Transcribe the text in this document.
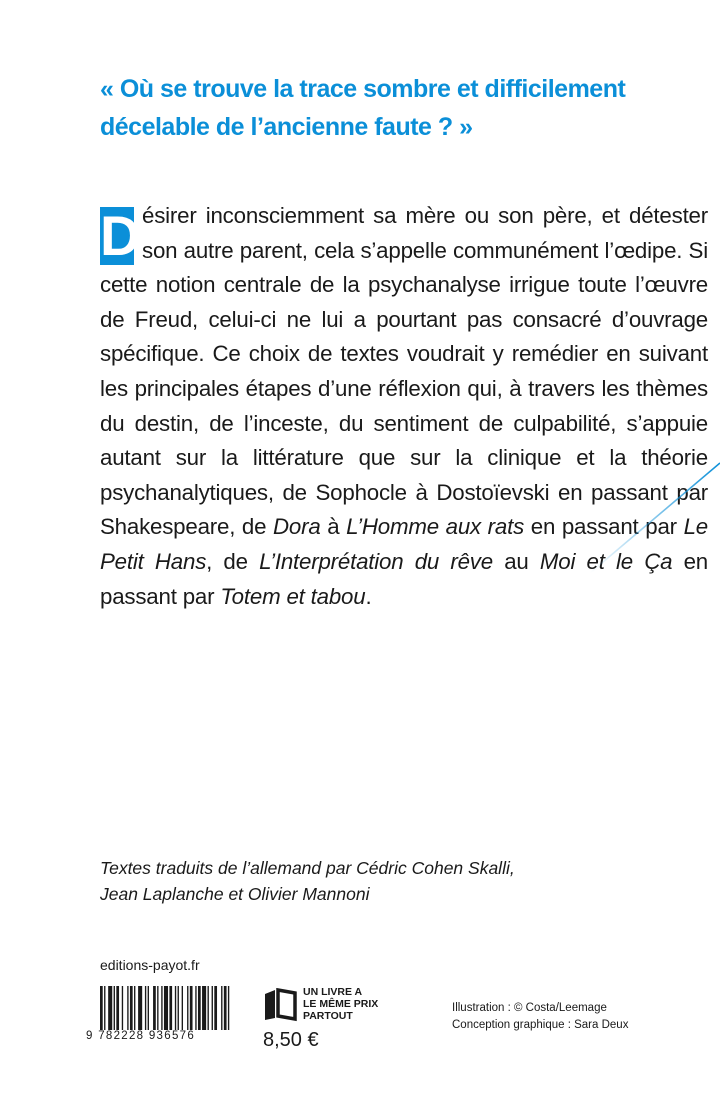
« Où se trouve la trace sombre et difficilement
décelable de l’ancienne faute ? »
D ésirer inconsciemment sa mère ou son père, et détester son autre parent, cela s’appelle communément l’œdipe. Si cette notion centrale de la psychanalyse irrigue toute l’œuvre de Freud, celui-ci ne lui a pourtant pas consacré d’ouvrage spécifique. Ce choix de textes voudrait y remédier en suivant les principales étapes d’une réflexion qui, à travers les thèmes du destin, de l’inceste, du sentiment de culpabilité, s’appuie autant sur la littérature que sur la clinique et la théorie psychanalytiques, de Sophocle à Dostoïevski en passant par Shakespeare, de Dora à L’Homme aux rats en passant par Le Petit Hans, de L’Interprétation du rêve au Moi et le Ça en passant par Totem et tabou.
Textes traduits de l’allemand par Cédric Cohen Skalli,
Jean Laplanche et Olivier Mannoni
editions-payot.fr
9 782228 936576
UN LIVRE A
LE MÊME PRIX
PARTOUT
8,50 €
Illustration : © Costa/Leemage
Conception graphique : Sara Deux
